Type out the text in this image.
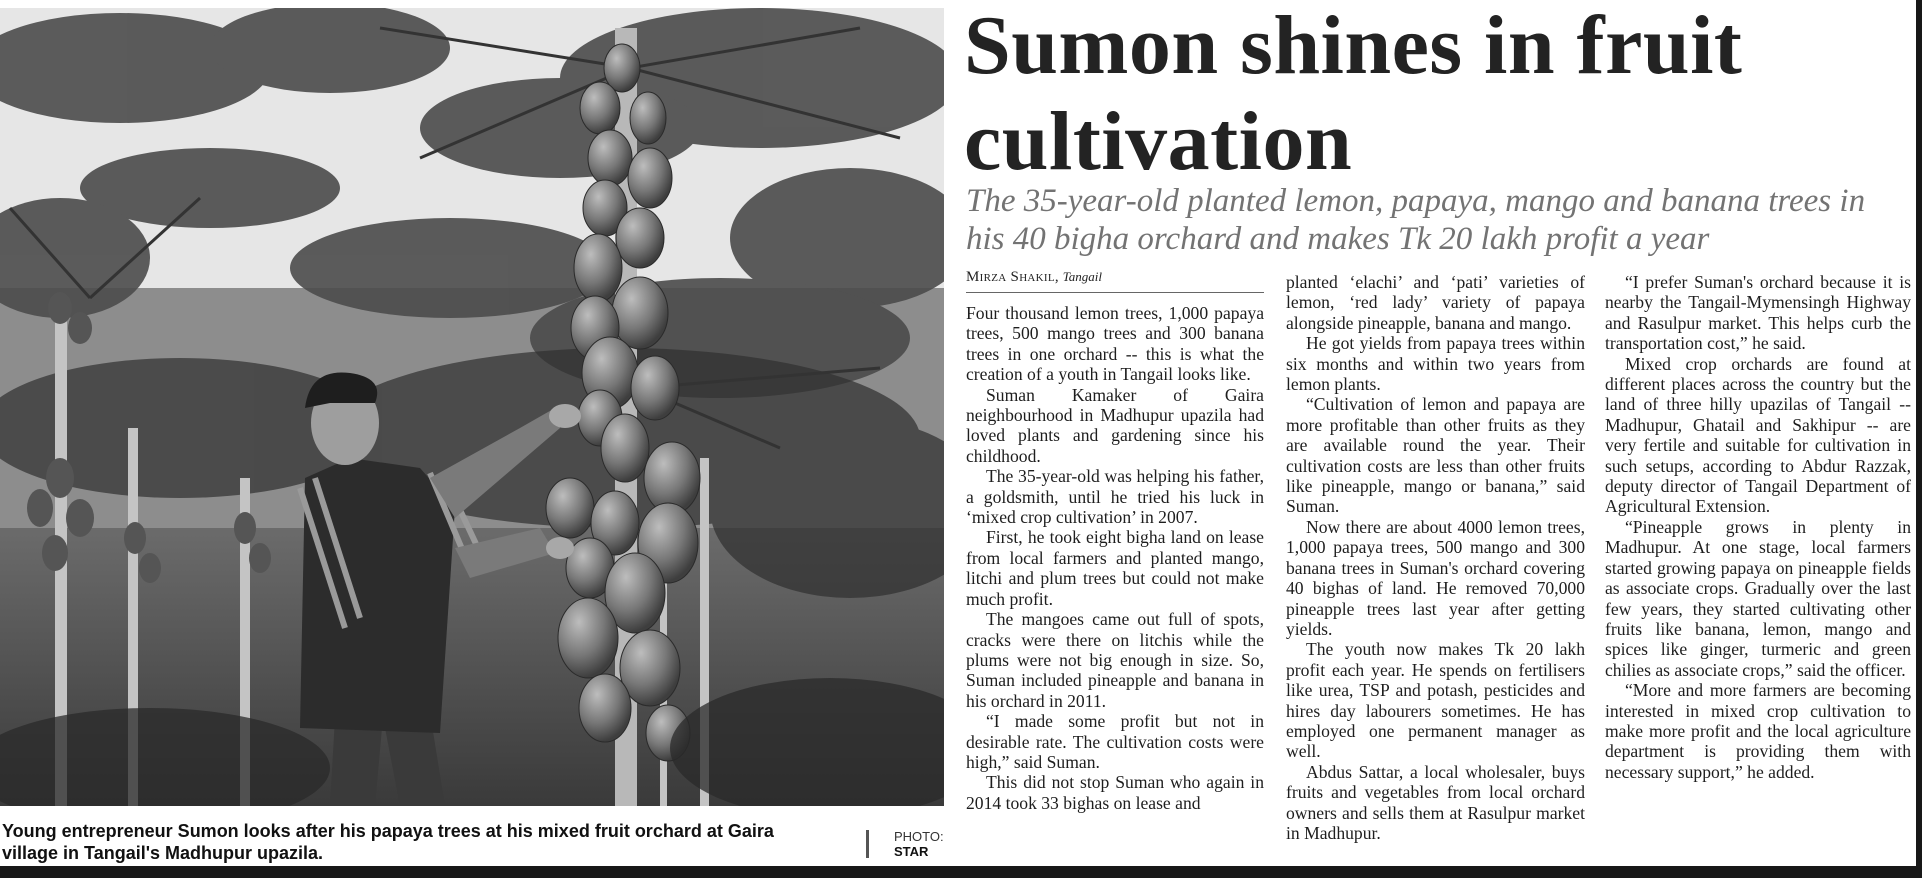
Young entrepreneur Sumon looks after his papaya trees at his mixed fruit orchard at Gaira village in Tangail's Madhupur upazila.
PHOTO:
STAR
Sumon shines in fruit cultivation
The 35-year-old planted lemon, papaya, mango and banana trees in his 40 bigha orchard and makes Tk 20 lakh profit a year
Mirza Shakil, Tangail

Four thousand lemon trees, 1,000 papaya trees, 500 mango trees and 300 banana trees in one orchard -- this is what the creation of a youth in Tangail looks like.

Suman Kamaker of Gaira neighbourhood in Madhupur upazila had loved plants and gardening since his childhood.

The 35-year-old was helping his father, a goldsmith, until he tried his luck in ‘mixed crop cultivation’ in 2007.

First, he took eight bigha land on lease from local farmers and planted mango, litchi and plum trees but could not make much profit.

The mangoes came out full of spots, cracks were there on litchis while the plums were not big enough in size. So, Suman included pineapple and banana in his orchard in 2011.

“I made some profit but not in desirable rate. The cultivation costs were high,” said Suman.

This did not stop Suman who again in 2014 took 33 bighas on lease and

planted ‘elachi’ and ‘pati’ varieties of lemon, ‘red lady’ variety of papaya alongside pineapple, banana and mango.

He got yields from papaya trees within six months and within two years from lemon plants.

“Cultivation of lemon and papaya are more profitable than other fruits as they are available round the year. Their cultivation costs are less than other fruits like pineapple, mango or banana,” said Suman.

Now there are about 4000 lemon trees, 1,000 papaya trees, 500 mango and 300 banana trees in Suman's orchard covering 40 bighas of land. He removed 70,000 pineapple trees last year after getting yields.

The youth now makes Tk 20 lakh profit each year. He spends on fertilisers like urea, TSP and potash, pesticides and hires day labourers sometimes. He has employed one permanent manager as well.

Abdus Sattar, a local wholesaler, buys fruits and vegetables from local orchard owners and sells them at Rasulpur market in Madhupur.

“I prefer Suman's orchard because it is nearby the Tangail-Mymensingh Highway and Rasulpur market. This helps curb the transportation cost,” he said.

Mixed crop orchards are found at different places across the country but the land of three hilly upazilas of Tangail -- Madhupur, Ghatail and Sakhipur -- are very fertile and suitable for cultivation in such setups, according to Abdur Razzak, deputy director of Tangail Department of Agricultural Extension.

“Pineapple grows in plenty in Madhupur. At one stage, local farmers started growing papaya on pineapple fields as associate crops. Gradually over the last few years, they started cultivating other fruits like banana, lemon, mango and spices like ginger, turmeric and green chilies as associate crops,” said the officer.

“More and more farmers are becoming interested in mixed crop cultivation to make more profit and the local agriculture department is providing them with necessary support,” he added.
